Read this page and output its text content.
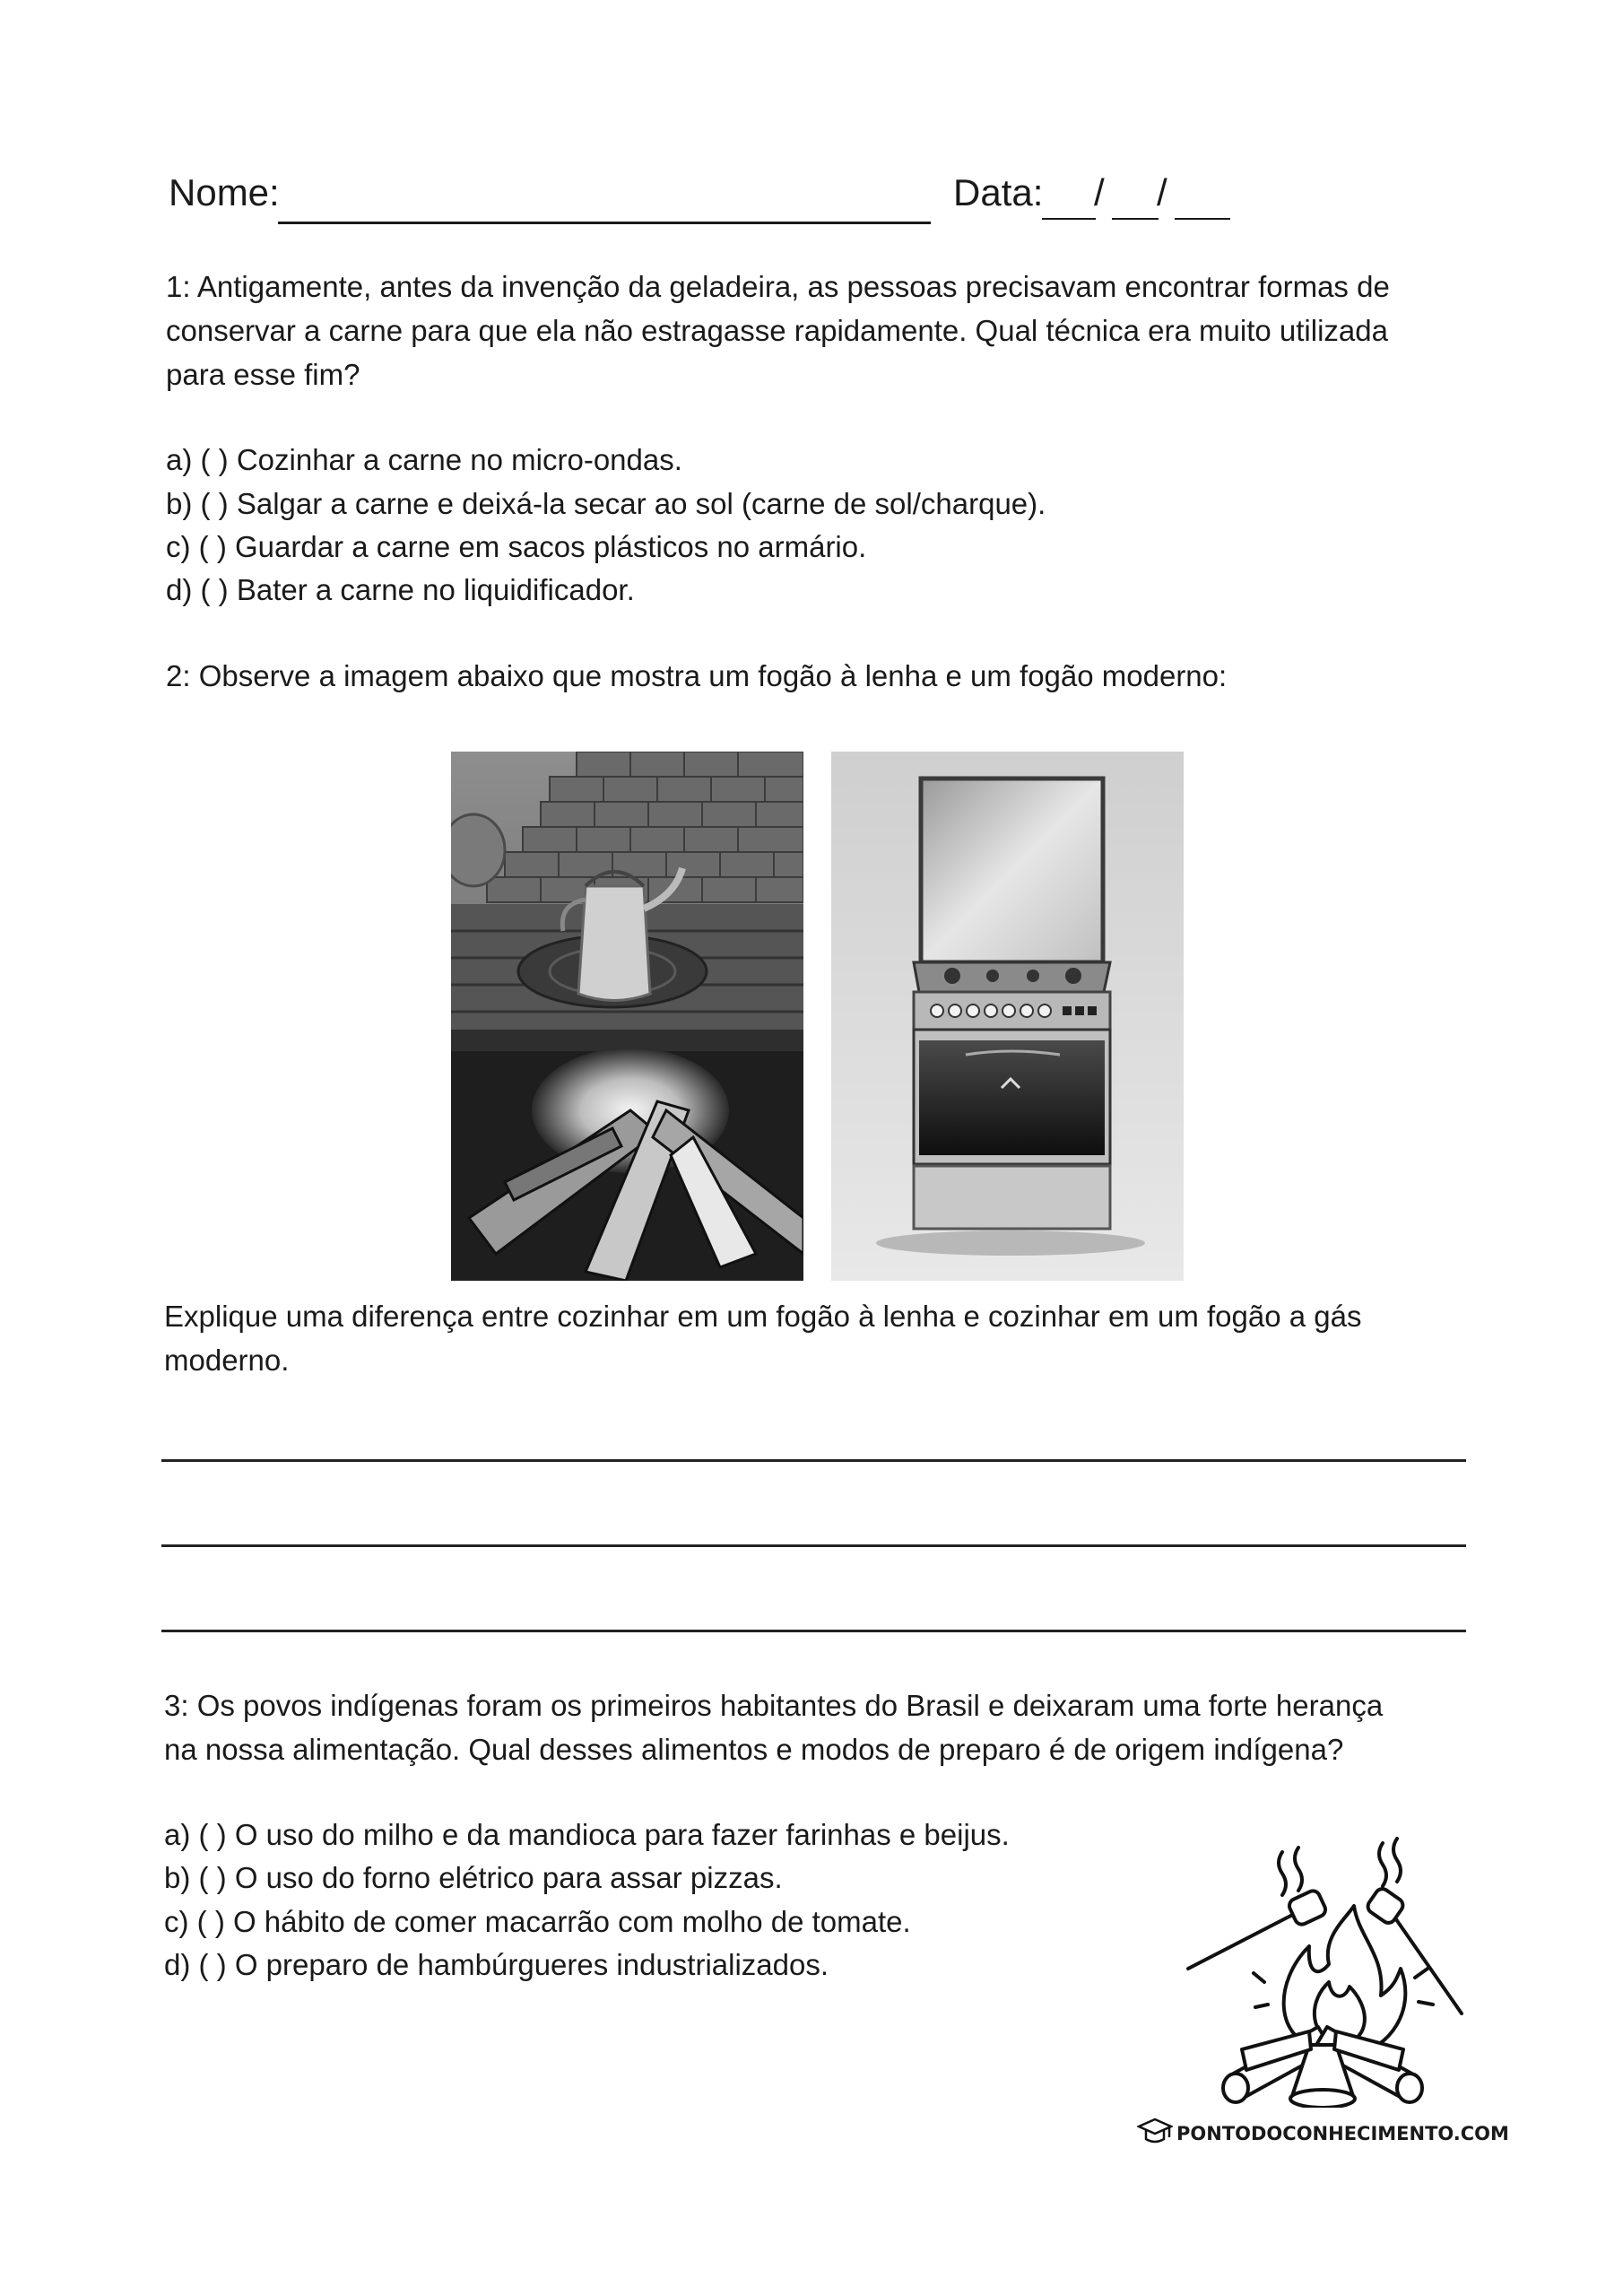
Nome:	Data: / /
1: Antigamente, antes da invenção da geladeira, as pessoas precisavam encontrar formas de
conservar a carne para que ela não estragasse rapidamente. Qual técnica era muito utilizada
para esse fim?
a) ( ) Cozinhar a carne no micro-ondas.
b) ( ) Salgar a carne e deixá-la secar ao sol (carne de sol/charque).
c) ( ) Guardar a carne em sacos plásticos no armário.
d) ( ) Bater a carne no liquidificador.
2: Observe a imagem abaixo que mostra um fogão à lenha e um fogão moderno:
Explique uma diferença entre cozinhar em um fogão à lenha e cozinhar em um fogão a gás
moderno.
3: Os povos indígenas foram os primeiros habitantes do Brasil e deixaram uma forte herança
na nossa alimentação. Qual desses alimentos e modos de preparo é de origem indígena?
a) ( ) O uso do milho e da mandioca para fazer farinhas e beijus.
b) ( ) O uso do forno elétrico para assar pizzas.
c) ( ) O hábito de comer macarrão com molho de tomate.
d) ( ) O preparo de hambúrgueres industrializados.
PONTODOCONHECIMENTO.COM
